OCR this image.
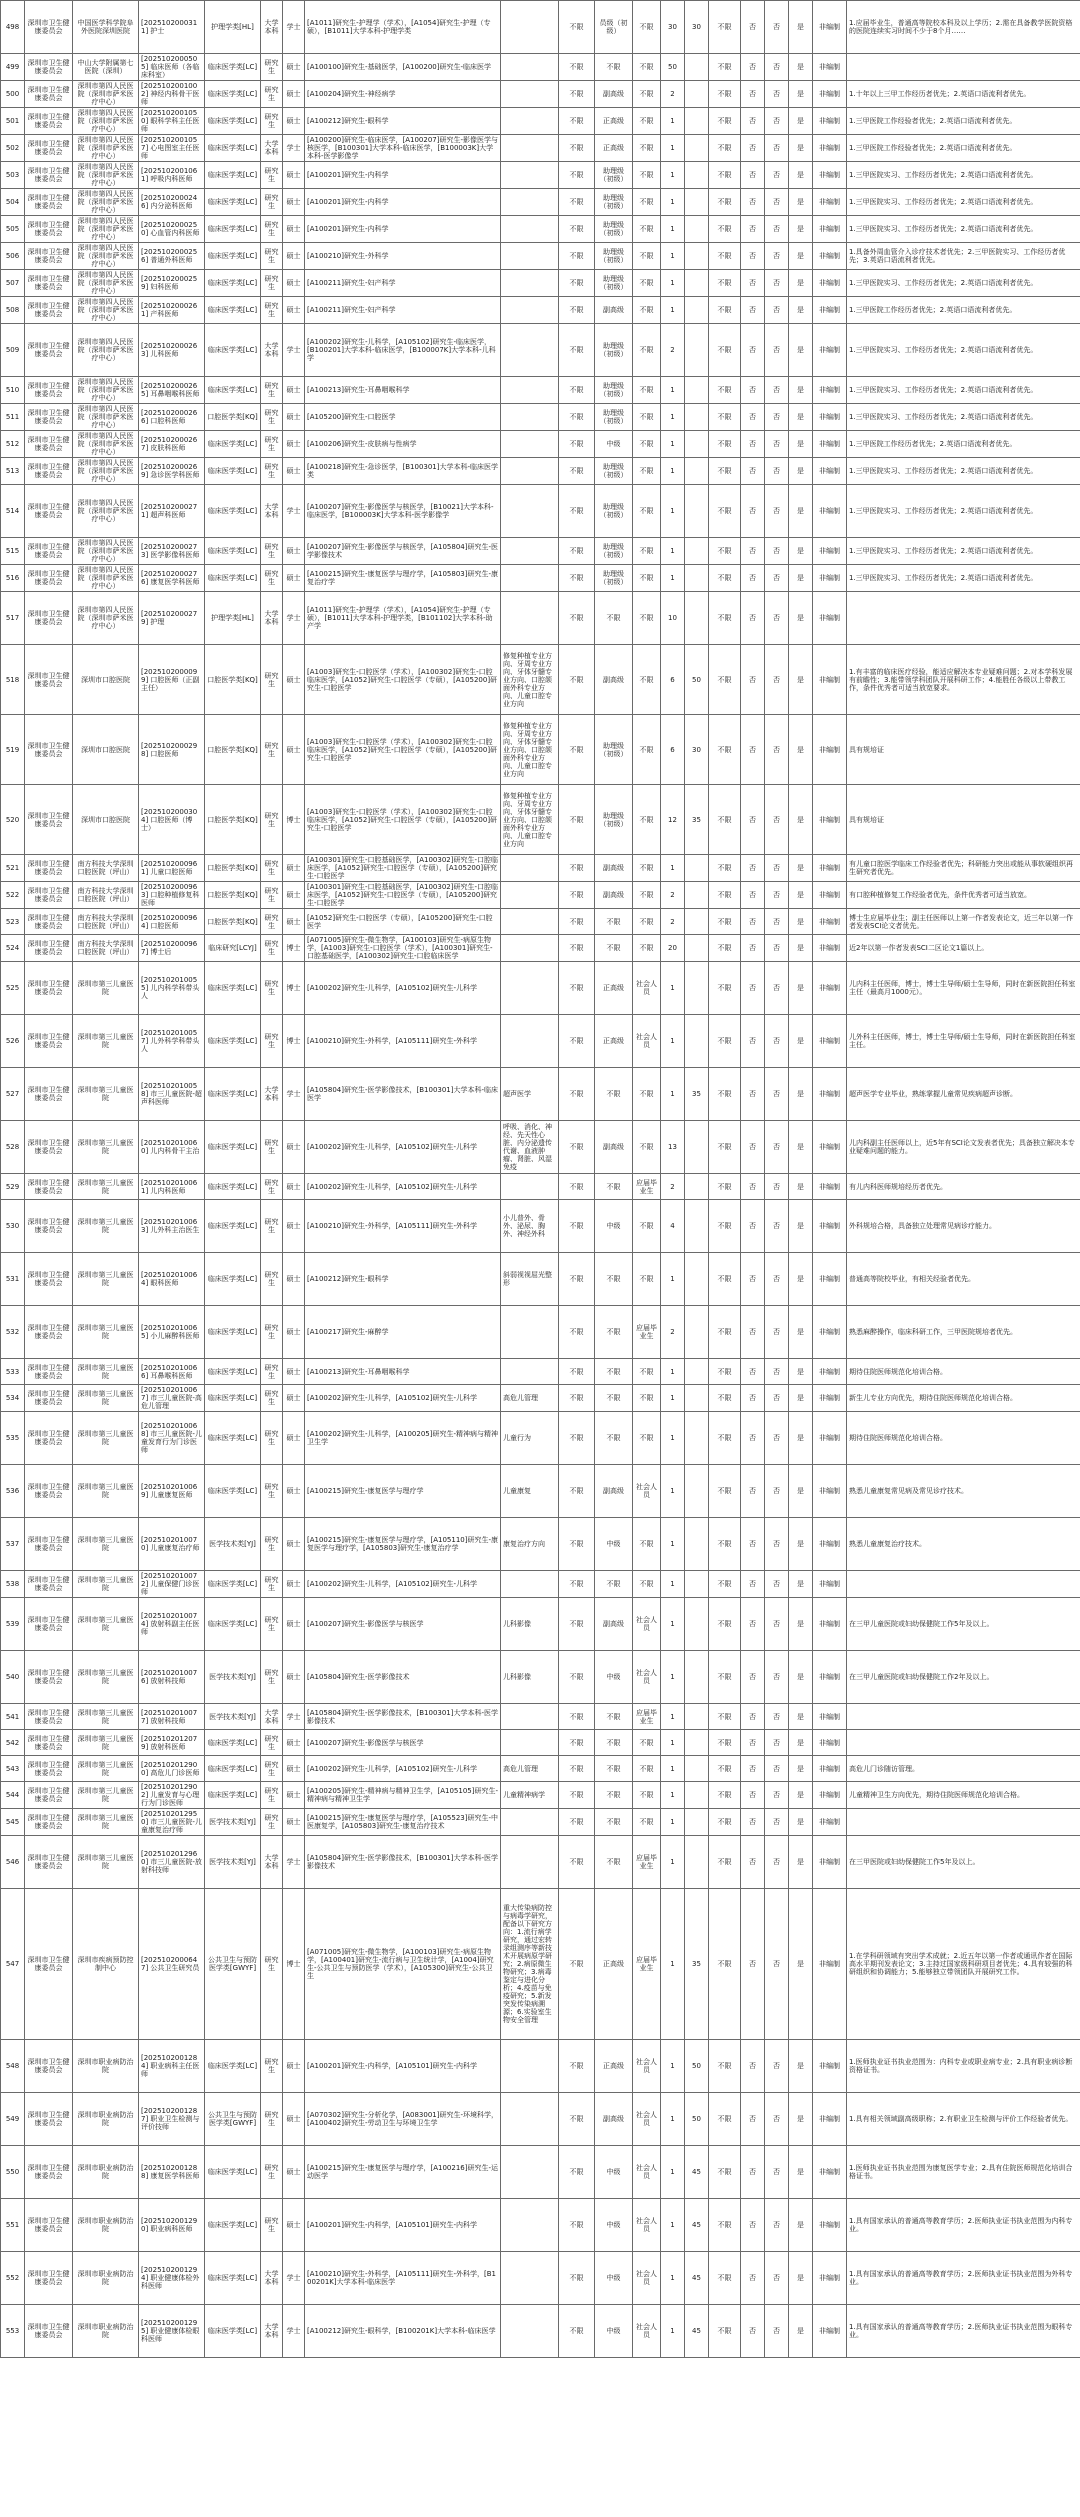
498	深圳市卫生健康委员会	中国医学科学院阜外医院深圳医院	[2025102000311] 护士	护理学类[HL]	大学本科	学士	[A1011]研究生-护理学（学术），[A1054]研究生-护理（专硕），[B1011]大学本科-护理学类		不限	员级（初级）	不限	30	30	不限	否	否	是	非编制	1.应届毕业生，普通高等院校本科及以上学历；2.需在具备教学医院资格的医院连续实习时间不少于8个月……
499	深圳市卫生健康委员会	中山大学附属第七医院（深圳）	[2025102000505] 临床医师（各临床科室）	临床医学类[LC]	研究生	硕士	[A100100]研究生-基础医学，[A100200]研究生-临床医学		不限	不限	不限	50		不限	否	否	是	非编制	
500	深圳市卫生健康委员会	深圳市第四人民医院（深圳市萨米医疗中心）	[2025102001002] 神经内科骨干医师	临床医学类[LC]	研究生	硕士	[A100204]研究生-神经病学		不限	副高级	不限	2		不限	否	否	是	非编制	1.十年以上三甲工作经历者优先；2.英语口语流利者优先。
501	深圳市卫生健康委员会	深圳市第四人民医院（深圳市萨米医疗中心）	[2025102001050] 眼科学科主任医师	临床医学类[LC]	研究生	硕士	[A100212]研究生-眼科学		不限	正高级	不限	1		不限	否	否	是	非编制	1.三甲医院工作经验者优先；2.英语口语流利者优先。
502	深圳市卫生健康委员会	深圳市第四人民医院（深圳市萨米医疗中心）	[2025102001057] 心电图室主任医师	临床医学类[LC]	大学本科	学士	[A100200]研究生-临床医学，[A100207]研究生-影像医学与核医学，[B100301]大学本科-临床医学，[B100003K]大学本科-医学影像学		不限	正高级	不限	1		不限	否	否	是	非编制	1.三甲医院工作经验者优先；2.英语口语流利者优先。
503	深圳市卫生健康委员会	深圳市第四人民医院（深圳市萨米医疗中心）	[2025102001061] 呼吸内科医师	临床医学类[LC]	研究生	硕士	[A100201]研究生-内科学		不限	助理级（初级）	不限	1		不限	否	否	是	非编制	1.三甲医院实习、工作经历者优先；2.英语口语流利者优先。
504	深圳市卫生健康委员会	深圳市第四人民医院（深圳市萨米医疗中心）	[2025102000246] 内分泌科医师	临床医学类[LC]	研究生	硕士	[A100201]研究生-内科学		不限	助理级（初级）	不限	1		不限	否	否	是	非编制	1.三甲医院实习、工作经历者优先；2.英语口语流利者优先。
505	深圳市卫生健康委员会	深圳市第四人民医院（深圳市萨米医疗中心）	[2025102000250] 心血管内科医师	临床医学类[LC]	研究生	硕士	[A100201]研究生-内科学		不限	助理级（初级）	不限	1		不限	否	否	是	非编制	1.三甲医院实习、工作经历者优先；2.英语口语流利者优先。
506	深圳市卫生健康委员会	深圳市第四人民医院（深圳市萨米医疗中心）	[2025102000256] 普通外科医师	临床医学类[LC]	研究生	硕士	[A100210]研究生-外科学		不限	助理级（初级）	不限	1		不限	否	否	是	非编制	1.具备外周血管介入诊疗技术者优先；2.三甲医院实习、工作经历者优先；3.英语口语流利者优先。
507	深圳市卫生健康委员会	深圳市第四人民医院（深圳市萨米医疗中心）	[2025102000259] 妇科医师	临床医学类[LC]	研究生	硕士	[A100211]研究生-妇产科学		不限	助理级（初级）	不限	1		不限	否	否	是	非编制	1.三甲医院实习、工作经历者优先；2.英语口语流利者优先。
508	深圳市卫生健康委员会	深圳市第四人民医院（深圳市萨米医疗中心）	[2025102000261] 产科医师	临床医学类[LC]	研究生	硕士	[A100211]研究生-妇产科学		不限	副高级	不限	1		不限	否	否	是	非编制	1.三甲医院工作经历者优先；2.英语口语流利者优先。
509	深圳市卫生健康委员会	深圳市第四人民医院（深圳市萨米医疗中心）	[2025102000263] 儿科医师	临床医学类[LC]	大学本科	学士	[A100202]研究生-儿科学，[A105102]研究生-临床医学，[B100201]大学本科-临床医学，[B100007K]大学本科-儿科学		不限	助理级（初级）	不限	2		不限	否	否	是	非编制	1.三甲医院实习、工作经历者优先；2.英语口语流利者优先。
510	深圳市卫生健康委员会	深圳市第四人民医院（深圳市萨米医疗中心）	[2025102000265] 耳鼻咽喉科医师	临床医学类[LC]	研究生	硕士	[A100213]研究生-耳鼻咽喉科学		不限	助理级（初级）	不限	1		不限	否	否	是	非编制	1.三甲医院实习、工作经历者优先；2.英语口语流利者优先。
511	深圳市卫生健康委员会	深圳市第四人民医院（深圳市萨米医疗中心）	[2025102000266] 口腔科医师	口腔医学类[KQ]	研究生	硕士	[A105200]研究生-口腔医学		不限	助理级（初级）	不限	1		不限	否	否	是	非编制	1.三甲医院实习、工作经历者优先；2.英语口语流利者优先。
512	深圳市卫生健康委员会	深圳市第四人民医院（深圳市萨米医疗中心）	[2025102000267] 皮肤科医师	临床医学类[LC]	研究生	硕士	[A100206]研究生-皮肤病与性病学		不限	中级	不限	1		不限	否	否	是	非编制	1.三甲医院工作经历者优先；2.英语口语流利者优先。
513	深圳市卫生健康委员会	深圳市第四人民医院（深圳市萨米医疗中心）	[2025102000269] 急诊医学科医师	临床医学类[LC]	研究生	硕士	[A100218]研究生-急诊医学，[B100301]大学本科-临床医学类		不限	助理级（初级）	不限	1		不限	否	否	是	非编制	1.三甲医院实习、工作经历者优先；2.英语口语流利者优先。
514	深圳市卫生健康委员会	深圳市第四人民医院（深圳市萨米医疗中心）	[2025102000271] 超声科医师	临床医学类[LC]	大学本科	学士	[A100207]研究生-影像医学与核医学，[B10021]大学本科-临床医学，[B100003K]大学本科-医学影像学		不限	助理级（初级）	不限	1		不限	否	否	是	非编制	1.三甲医院实习、工作经历者优先；2.英语口语流利者优先。
515	深圳市卫生健康委员会	深圳市第四人民医院（深圳市萨米医疗中心）	[2025102000273] 医学影像科医师	临床医学类[LC]	研究生	硕士	[A100207]研究生-影像医学与核医学，[A105804]研究生-医学影像技术		不限	助理级（初级）	不限	1		不限	否	否	是	非编制	1.三甲医院实习、工作经历者优先；2.英语口语流利者优先。
516	深圳市卫生健康委员会	深圳市第四人民医院（深圳市萨米医疗中心）	[2025102000276] 康复医学科医师	临床医学类[LC]	研究生	硕士	[A100215]研究生-康复医学与理疗学，[A105803]研究生-康复治疗学		不限	助理级（初级）	不限	1		不限	否	否	是	非编制	1.三甲医院实习、工作经历者优先；2.英语口语流利者优先。
517	深圳市卫生健康委员会	深圳市第四人民医院（深圳市萨米医疗中心）	[2025102000279] 护理	护理学类[HL]	大学本科	学士	[A1011]研究生-护理学（学术），[A1054]研究生-护理（专硕），[B1011]大学本科-护理学类，[B101102]大学本科-助产学		不限	不限	不限	10		不限	否	否	是	非编制	
518	深圳市卫生健康委员会	深圳市口腔医院	[2025102000099] 口腔医师（正副主任）	口腔医学类[KQ]	研究生	硕士	[A1003]研究生-口腔医学（学术），[A100302]研究生-口腔临床医学，[A1052]研究生-口腔医学（专硕），[A105200]研究生-口腔医学	修复种植专业方向、牙周专业方向、牙体牙髓专业方向、口腔颌面外科专业方向、儿童口腔专业方向	不限	副高级	不限	6	50	不限	否	否	是	非编制	1.有丰富的临床医疗经验，能适应解决本专业疑难问题；2.对本学科发展有前瞻性；3.能带领学科团队开展科研工作；4.能胜任各级以上带教工作，条件优秀者可适当放宽要求。
519	深圳市卫生健康委员会	深圳市口腔医院	[2025102000298] 口腔医师	口腔医学类[KQ]	研究生	硕士	[A1003]研究生-口腔医学（学术），[A100302]研究生-口腔临床医学，[A1052]研究生-口腔医学（专硕），[A105200]研究生-口腔医学	修复种植专业方向、牙周专业方向、牙体牙髓专业方向、口腔颌面外科专业方向、儿童口腔专业方向	不限	助理级（初级）	不限	6	30	不限	否	否	是	非编制	具有规培证
520	深圳市卫生健康委员会	深圳市口腔医院	[2025102000304] 口腔医师（博士）	口腔医学类[KQ]	研究生	博士	[A1003]研究生-口腔医学（学术），[A100302]研究生-口腔临床医学，[A1052]研究生-口腔医学（专硕），[A105200]研究生-口腔医学	修复种植专业方向、牙周专业方向、牙体牙髓专业方向、口腔颌面外科专业方向、儿童口腔专业方向	不限	助理级（初级）	不限	12	35	不限	否	否	是	非编制	具有规培证
521	深圳市卫生健康委员会	南方科技大学深圳口腔医院（坪山）	[2025102000961] 儿童口腔医师	口腔医学类[KQ]	研究生	硕士	[A100301]研究生-口腔基础医学，[A100302]研究生-口腔临床医学，[A1052]研究生-口腔医学（专硕），[A105200]研究生-口腔医学		不限	副高级	不限	1		不限	否	否	是	非编制	有儿童口腔医学临床工作经验者优先；科研能力突出或能从事软硬组织再生研究者优先。
522	深圳市卫生健康委员会	南方科技大学深圳口腔医院（坪山）	[2025102000963] 口腔种植修复科医师	口腔医学类[KQ]	研究生	硕士	[A100301]研究生-口腔基础医学，[A100302]研究生-口腔临床医学，[A1052]研究生-口腔医学（专硕），[A105200]研究生-口腔医学		不限	副高级	不限	2		不限	否	否	是	非编制	有口腔种植修复工作经验者优先，条件优秀者可适当放宽。
523	深圳市卫生健康委员会	南方科技大学深圳口腔医院（坪山）	[2025102000964] 口腔医师	口腔医学类[KQ]	研究生	硕士	[A1052]研究生-口腔医学（专硕），[A105200]研究生-口腔医学		不限	不限	不限	2		不限	否	否	是	非编制	博士生应届毕业生；副主任医师以上第一作者发表论文，近三年以第一作者发表SCI论文者优先。
524	深圳市卫生健康委员会	南方科技大学深圳口腔医院（坪山）	[2025102000967] 博士后	临床研究[LCYJ]	研究生	博士	[A071005]研究生-微生物学，[A100103]研究生-病原生物学，[A1003]研究生-口腔医学（学术），[A100301]研究生-口腔基础医学，[A100302]研究生-口腔临床医学		不限	不限	不限	20		不限	否	否	是	非编制	近2年以第一作者发表SCI二区论文1篇以上。
525	深圳市卫生健康委员会	深圳市第三儿童医院	[2025102010055] 儿内科学科带头人	临床医学类[LC]	研究生	博士	[A100202]研究生-儿科学，[A105102]研究生-儿科学		不限	正高级	社会人员	1		不限	否	否	是	非编制	儿内科主任医师，博士，博士生导师/硕士生导师，同时在新医院担任科室主任（最高月1000元）。
526	深圳市卫生健康委员会	深圳市第三儿童医院	[2025102010057] 儿外科学科带头人	临床医学类[LC]	研究生	博士	[A100210]研究生-外科学，[A105111]研究生-外科学		不限	正高级	社会人员	1		不限	否	否	是	非编制	儿外科主任医师，博士，博士生导师/硕士生导师，同时在新医院担任科室主任。
527	深圳市卫生健康委员会	深圳市第三儿童医院	[2025102010058] 市三儿童医院-超声科医师	临床医学类[LC]	大学本科	学士	[A105804]研究生-医学影像技术，[B100301]大学本科-临床医学	超声医学	不限	不限	不限	1	35	不限	否	否	是	非编制	超声医学专业毕业，熟练掌握儿童常见疾病超声诊断。
528	深圳市卫生健康委员会	深圳市第三儿童医院	[2025102010060] 儿内科骨干主治	临床医学类[LC]	研究生	硕士	[A100202]研究生-儿科学，[A105102]研究生-儿科学	呼吸、消化、神经、先天性心脏、内分泌遗传代谢、血液肿瘤、肾脏、风湿免疫	不限	副高级	不限	13		不限	否	否	是	非编制	儿内科副主任医师以上，近5年有SCI论文发表者优先；具备独立解决本专业疑难问题的能力。
529	深圳市卫生健康委员会	深圳市第三儿童医院	[2025102010061] 儿内科医师	临床医学类[LC]	研究生	硕士	[A100202]研究生-儿科学，[A105102]研究生-儿科学		不限	不限	应届毕业生	2		不限	否	否	是	非编制	有儿内科医师规培经历者优先。
530	深圳市卫生健康委员会	深圳市第三儿童医院	[2025102010063] 儿外科主治医生	临床医学类[LC]	研究生	硕士	[A100210]研究生-外科学，[A105111]研究生-外科学	小儿普外、骨外、泌尿、胸外、神经外科	不限	中级	不限	4		不限	否	否	是	非编制	外科规培合格，具备独立处理常见病诊疗能力。
531	深圳市卫生健康委员会	深圳市第三儿童医院	[2025102010064] 眼科医师	临床医学类[LC]	研究生	硕士	[A100212]研究生-眼科学	斜弱视视屈光整形	不限	不限	不限	1		不限	否	否	是	非编制	普通高等院校毕业，有相关经验者优先。
532	深圳市卫生健康委员会	深圳市第三儿童医院	[2025102010065] 小儿麻醉科医师	临床医学类[LC]	研究生	硕士	[A100217]研究生-麻醉学		不限	不限	应届毕业生	2		不限	否	否	是	非编制	熟悉麻醉操作，临床科研工作，三甲医院规培者优先。
533	深圳市卫生健康委员会	深圳市第三儿童医院	[2025102010066] 耳鼻喉科医师	临床医学类[LC]	研究生	硕士	[A100213]研究生-耳鼻咽喉科学		不限	不限	不限	1		不限	否	否	是	非编制	期待住院医师规范化培训合格。
534	深圳市卫生健康委员会	深圳市第三儿童医院	[2025102010067] 市三儿童医院-高危儿管理	临床医学类[LC]	研究生	硕士	[A100202]研究生-儿科学，[A105102]研究生-儿科学	高危儿管理	不限	不限	不限	1		不限	否	否	是	非编制	新生儿专业方向优先，期待住院医师规范化培训合格。
535	深圳市卫生健康委员会	深圳市第三儿童医院	[2025102010068] 市三儿童医院-儿童发育行为门诊医师	临床医学类[LC]	研究生	硕士	[A100202]研究生-儿科学，[A100205]研究生-精神病与精神卫生学	儿童行为	不限	不限	不限	1		不限	否	否	是	非编制	期待住院医师规范化培训合格。
536	深圳市卫生健康委员会	深圳市第三儿童医院	[2025102010069] 儿童康复医师	临床医学类[LC]	研究生	硕士	[A100215]研究生-康复医学与理疗学	儿童康复	不限	副高级	社会人员	1		不限	否	否	是	非编制	熟悉儿童康复常见病及常见诊疗技术。
537	深圳市卫生健康委员会	深圳市第三儿童医院	[2025102010070] 儿童康复治疗师	医学技术类[YJ]	研究生	硕士	[A100215]研究生-康复医学与理疗学，[A105110]研究生-康复医学与理疗学，[A105803]研究生-康复治疗学	康复治疗方向	不限	中级	不限	1		不限	否	否	是	非编制	熟悉儿童康复治疗技术。
538	深圳市卫生健康委员会	深圳市第三儿童医院	[2025102010072] 儿童保健门诊医师	临床医学类[LC]	研究生	硕士	[A100202]研究生-儿科学，[A105102]研究生-儿科学		不限	不限	不限	1		不限	否	否	是	非编制	
539	深圳市卫生健康委员会	深圳市第三儿童医院	[2025102010074] 放射科副主任医师	临床医学类[LC]	研究生	硕士	[A100207]研究生-影像医学与核医学	儿科影像	不限	副高级	社会人员	1		不限	否	否	是	非编制	在三甲儿童医院或妇幼保健院工作5年及以上。
540	深圳市卫生健康委员会	深圳市第三儿童医院	[2025102010076] 放射科技师	医学技术类[YJ]	研究生	硕士	[A105804]研究生-医学影像技术	儿科影像	不限	中级	社会人员	1		不限	否	否	是	非编制	在三甲儿童医院或妇幼保健院工作2年及以上。
541	深圳市卫生健康委员会	深圳市第三儿童医院	[2025102010077] 放射科技师	医学技术类[YJ]	大学本科	学士	[A105804]研究生-医学影像技术，[B100301]大学本科-医学影像技术		不限	不限	应届毕业生	1		不限	否	否	是	非编制	
542	深圳市卫生健康委员会	深圳市第三儿童医院	[2025102012079] 放射科医师	临床医学类[LC]	研究生	硕士	[A100207]研究生-影像医学与核医学		不限	不限	不限	1		不限	否	否	是	非编制	
543	深圳市卫生健康委员会	深圳市第三儿童医院	[2025102012900] 高危儿门诊医师	临床医学类[LC]	研究生	硕士	[A100202]研究生-儿科学，[A105102]研究生-儿科学	高危儿管理	不限	不限	不限	1		不限	否	否	是	非编制	高危儿门诊随访管理。
544	深圳市卫生健康委员会	深圳市第三儿童医院	[2025102012902] 儿童发育与心理行为门诊医师	临床医学类[LC]	研究生	硕士	[A100205]研究生-精神病与精神卫生学，[A105105]研究生-精神病与精神卫生学	儿童精神病学	不限	不限	不限	1		不限	否	否	是	非编制	儿童精神卫生方向优先，期待住院医师规范化培训合格。
545	深圳市卫生健康委员会	深圳市第三儿童医院	[2025102012950] 市三儿童医院-儿童康复治疗师	医学技术类[YJ]	研究生	硕士	[A100215]研究生-康复医学与理疗学，[A105523]研究生-中医康复学，[A105803]研究生-康复治疗技术		不限	不限	不限	1		不限	否	否	是	非编制	
546	深圳市卫生健康委员会	深圳市第三儿童医院	[2025102012960] 市三儿童医院-放射科技师	医学技术类[YJ]	大学本科	学士	[A105804]研究生-医学影像技术，[B100301]大学本科-医学影像技术		不限	不限	应届毕业生	1		不限	否	否	是	非编制	在三甲医院或妇幼保健院工作5年及以上。
547	深圳市卫生健康委员会	深圳市疾病预防控制中心	[2025102000647] 公共卫生研究员	公共卫生与预防医学类[GWYF]	研究生	博士	[A071005]研究生-微生物学，[A100103]研究生-病原生物学，[A100401]研究生-流行病与卫生统计学，[A1004]研究生-公共卫生与预防医学（学术），[A105300]研究生-公共卫生	重大传染病防控与病毒学研究，配备以下研究方向：1.流行病学研究，通过宏转录组测序等新技术开展病原学研究；2.病原微生物研究；3.病毒鉴定与进化分析；4.疫苗与免疫研究；5.新发突发传染病溯源；6.实验室生物安全管理	不限	正高级	应届毕业生	1	35	不限	否	否	是	非编制	1.在学科研领域有突出学术成就；2.近五年以第一作者或通讯作者在国际高水平期刊发表论文；3.主持过国家级科研项目者优先；4.具有较强的科研组织和协调能力；5.能够独立带领团队开展研究工作。
548	深圳市卫生健康委员会	深圳市职业病防治院	[2025102001284] 职业病科主任医师	临床医学类[LC]	研究生	硕士	[A100201]研究生-内科学，[A105101]研究生-内科学		不限	正高级	社会人员	1	50	不限	否	否	是	非编制	1.医师执业证书执业范围为：内科专业或职业病专业；2.具有职业病诊断资格证书。
549	深圳市卫生健康委员会	深圳市职业病防治院	[2025102001287] 职业卫生检测与评价技师	公共卫生与预防医学类[GWYF]	研究生	硕士	[A070302]研究生-分析化学，[A083001]研究生-环境科学，[A100402]研究生-劳动卫生与环境卫生学		不限	副高级	社会人员	1	50	不限	否	否	是	非编制	1.具有相关领域副高级职称；2.有职业卫生检测与评价工作经验者优先。
550	深圳市卫生健康委员会	深圳市职业病防治院	[2025102001288] 康复医学科医师	临床医学类[LC]	研究生	硕士	[A100215]研究生-康复医学与理疗学，[A100216]研究生-运动医学		不限	中级	社会人员	1	45	不限	否	否	是	非编制	1.医师执业证书执业范围为康复医学专业；2.具有住院医师规范化培训合格证书。
551	深圳市卫生健康委员会	深圳市职业病防治院	[2025102001290] 职业病科医师	临床医学类[LC]	研究生	硕士	[A100201]研究生-内科学，[A105101]研究生-内科学		不限	中级	社会人员	1	45	不限	否	否	是	非编制	1.具有国家承认的普通高等教育学历；2.医师执业证书执业范围为内科专业。
552	深圳市卫生健康委员会	深圳市职业病防治院	[2025102001294] 职业健康体检外科医师	临床医学类[LC]	大学本科	学士	[A100210]研究生-外科学，[A105111]研究生-外科学，[B100201K]大学本科-临床医学		不限	中级	社会人员	1	45	不限	否	否	是	非编制	1.具有国家承认的普通高等教育学历；2.医师执业证书执业范围为外科专业。
553	深圳市卫生健康委员会	深圳市职业病防治院	[2025102001295] 职业健康体检眼科医师	临床医学类[LC]	大学本科	学士	[A100212]研究生-眼科学，[B100201K]大学本科-临床医学		不限	中级	社会人员	1	45	不限	否	否	是	非编制	1.具有国家承认的普通高等教育学历；2.医师执业证书执业范围为眼科专业。
